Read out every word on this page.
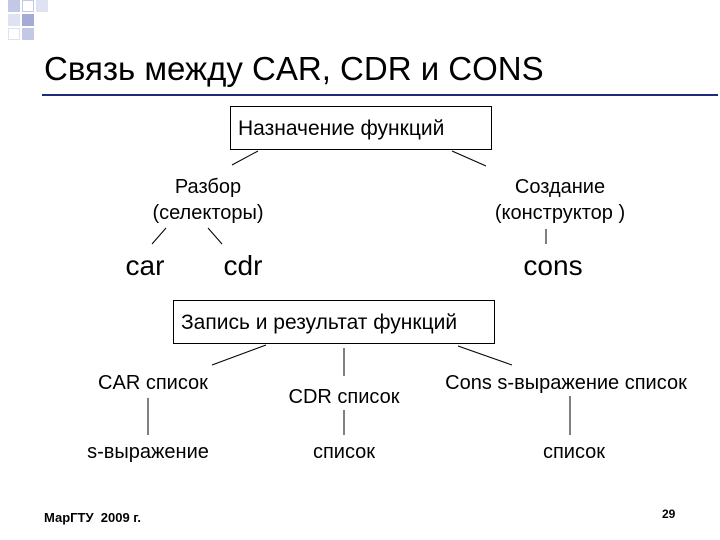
Связь между CAR, CDR и CONS
Назначение функций
Разбор
(селекторы)
Создание
(конструктор )
car	cdr	cons
Запись и результат функций
CAR список
CDR список
Cons s-выражение список
s-выражение	список	список
МарГТУ  2009 г.	29
